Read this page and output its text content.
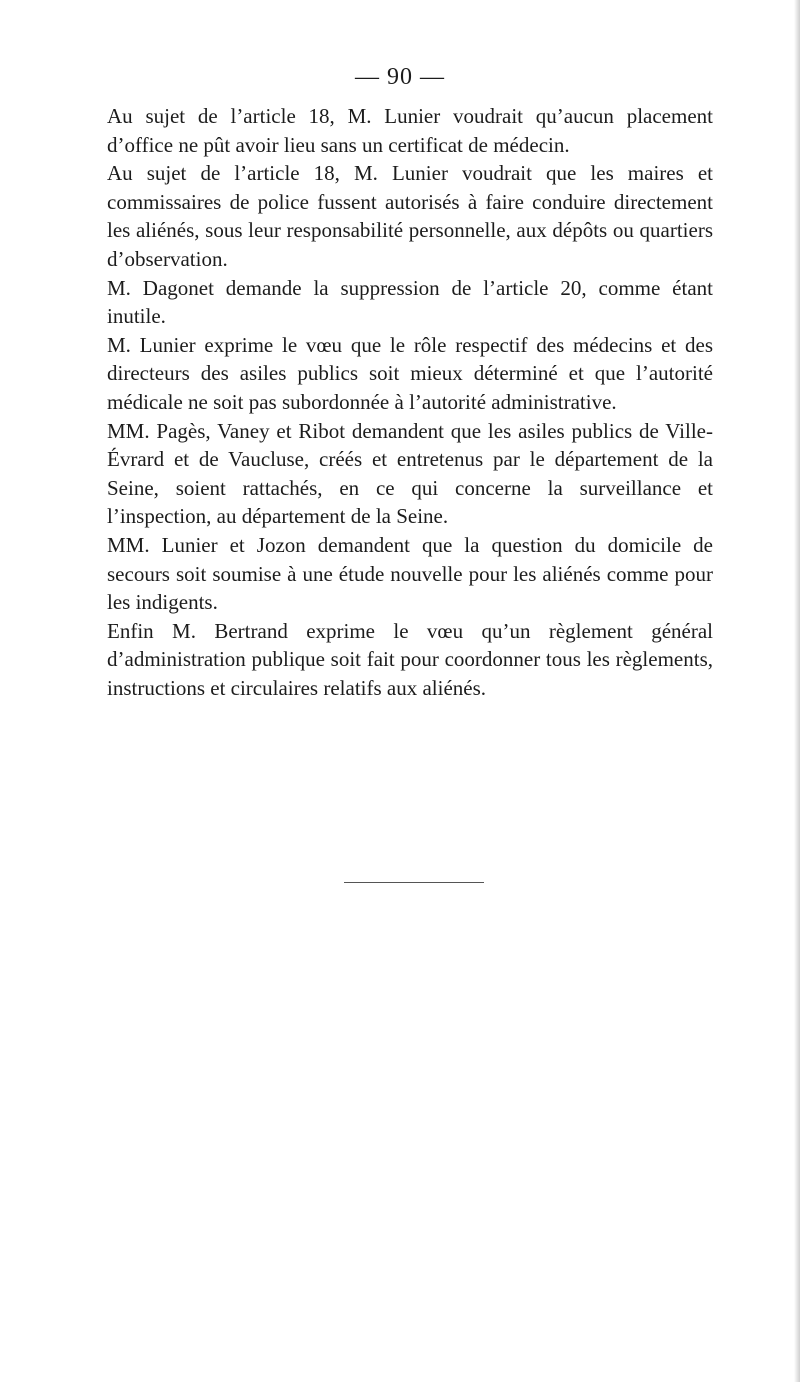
— 90 —

Au sujet de l’article 18, M. Lunier voudrait qu’aucun placement d’office ne pût avoir lieu sans un certificat de médecin.

Au sujet de l’article 18, M. Lunier voudrait que les maires et commissaires de police fussent autorisés à faire conduire directement les aliénés, sous leur responsabilité personnelle, aux dépôts ou quartiers d’observation.

M. Dagonet demande la suppression de l’article 20, comme étant inutile.

M. Lunier exprime le vœu que le rôle respectif des médecins et des directeurs des asiles publics soit mieux déterminé et que l’autorité médicale ne soit pas subordonnée à l’autorité administrative.

MM. Pagès, Vaney et Ribot demandent que les asiles publics de Ville-Évrard et de Vaucluse, créés et entretenus par le département de la Seine, soient rattachés, en ce qui concerne la surveillance et l’inspection, au département de la Seine.

MM. Lunier et Jozon demandent que la question du domicile de secours soit soumise à une étude nouvelle pour les aliénés comme pour les indigents.

Enfin M. Bertrand exprime le vœu qu’un règlement général d’administration publique soit fait pour coordonner tous les règlements, instructions et circulaires relatifs aux aliénés.
